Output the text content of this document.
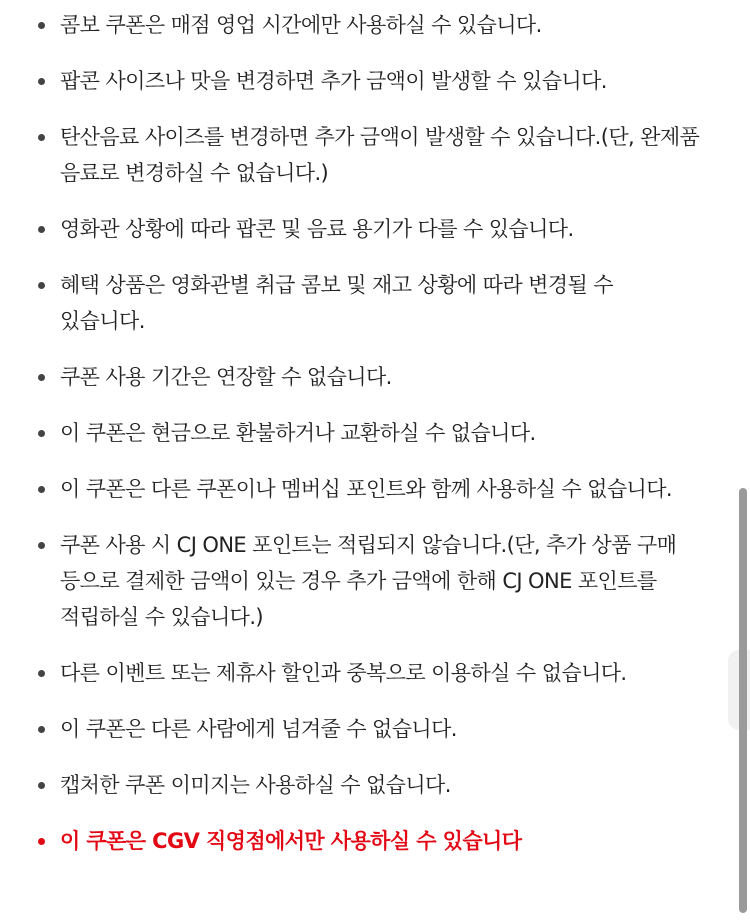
콤보 쿠폰은 매점 영업 시간에만 사용하실 수 있습니다.
팝콘 사이즈나 맛을 변경하면 추가 금액이 발생할 수 있습니다.
탄산음료 사이즈를 변경하면 추가 금액이 발생할 수 있습니다.(단, 완제품 음료로 변경하실 수 없습니다.)
영화관 상황에 따라 팝콘 및 음료 용기가 다를 수 있습니다.
혜택 상품은 영화관별 취급 콤보 및 재고 상황에 따라 변경될 수 있습니다.
쿠폰 사용 기간은 연장할 수 없습니다.
이 쿠폰은 현금으로 환불하거나 교환하실 수 없습니다.
이 쿠폰은 다른 쿠폰이나 멤버십 포인트와 함께 사용하실 수 없습니다.
쿠폰 사용 시 CJ ONE 포인트는 적립되지 않습니다.(단, 추가 상품 구매 등으로 결제한 금액이 있는 경우 추가 금액에 한해 CJ ONE 포인트를 적립하실 수 있습니다.)
다른 이벤트 또는 제휴사 할인과 중복으로 이용하실 수 없습니다.
이 쿠폰은 다른 사람에게 넘겨줄 수 없습니다.
캡처한 쿠폰 이미지는 사용하실 수 없습니다.
이 쿠폰은 CGV 직영점에서만 사용하실 수 있습니다
